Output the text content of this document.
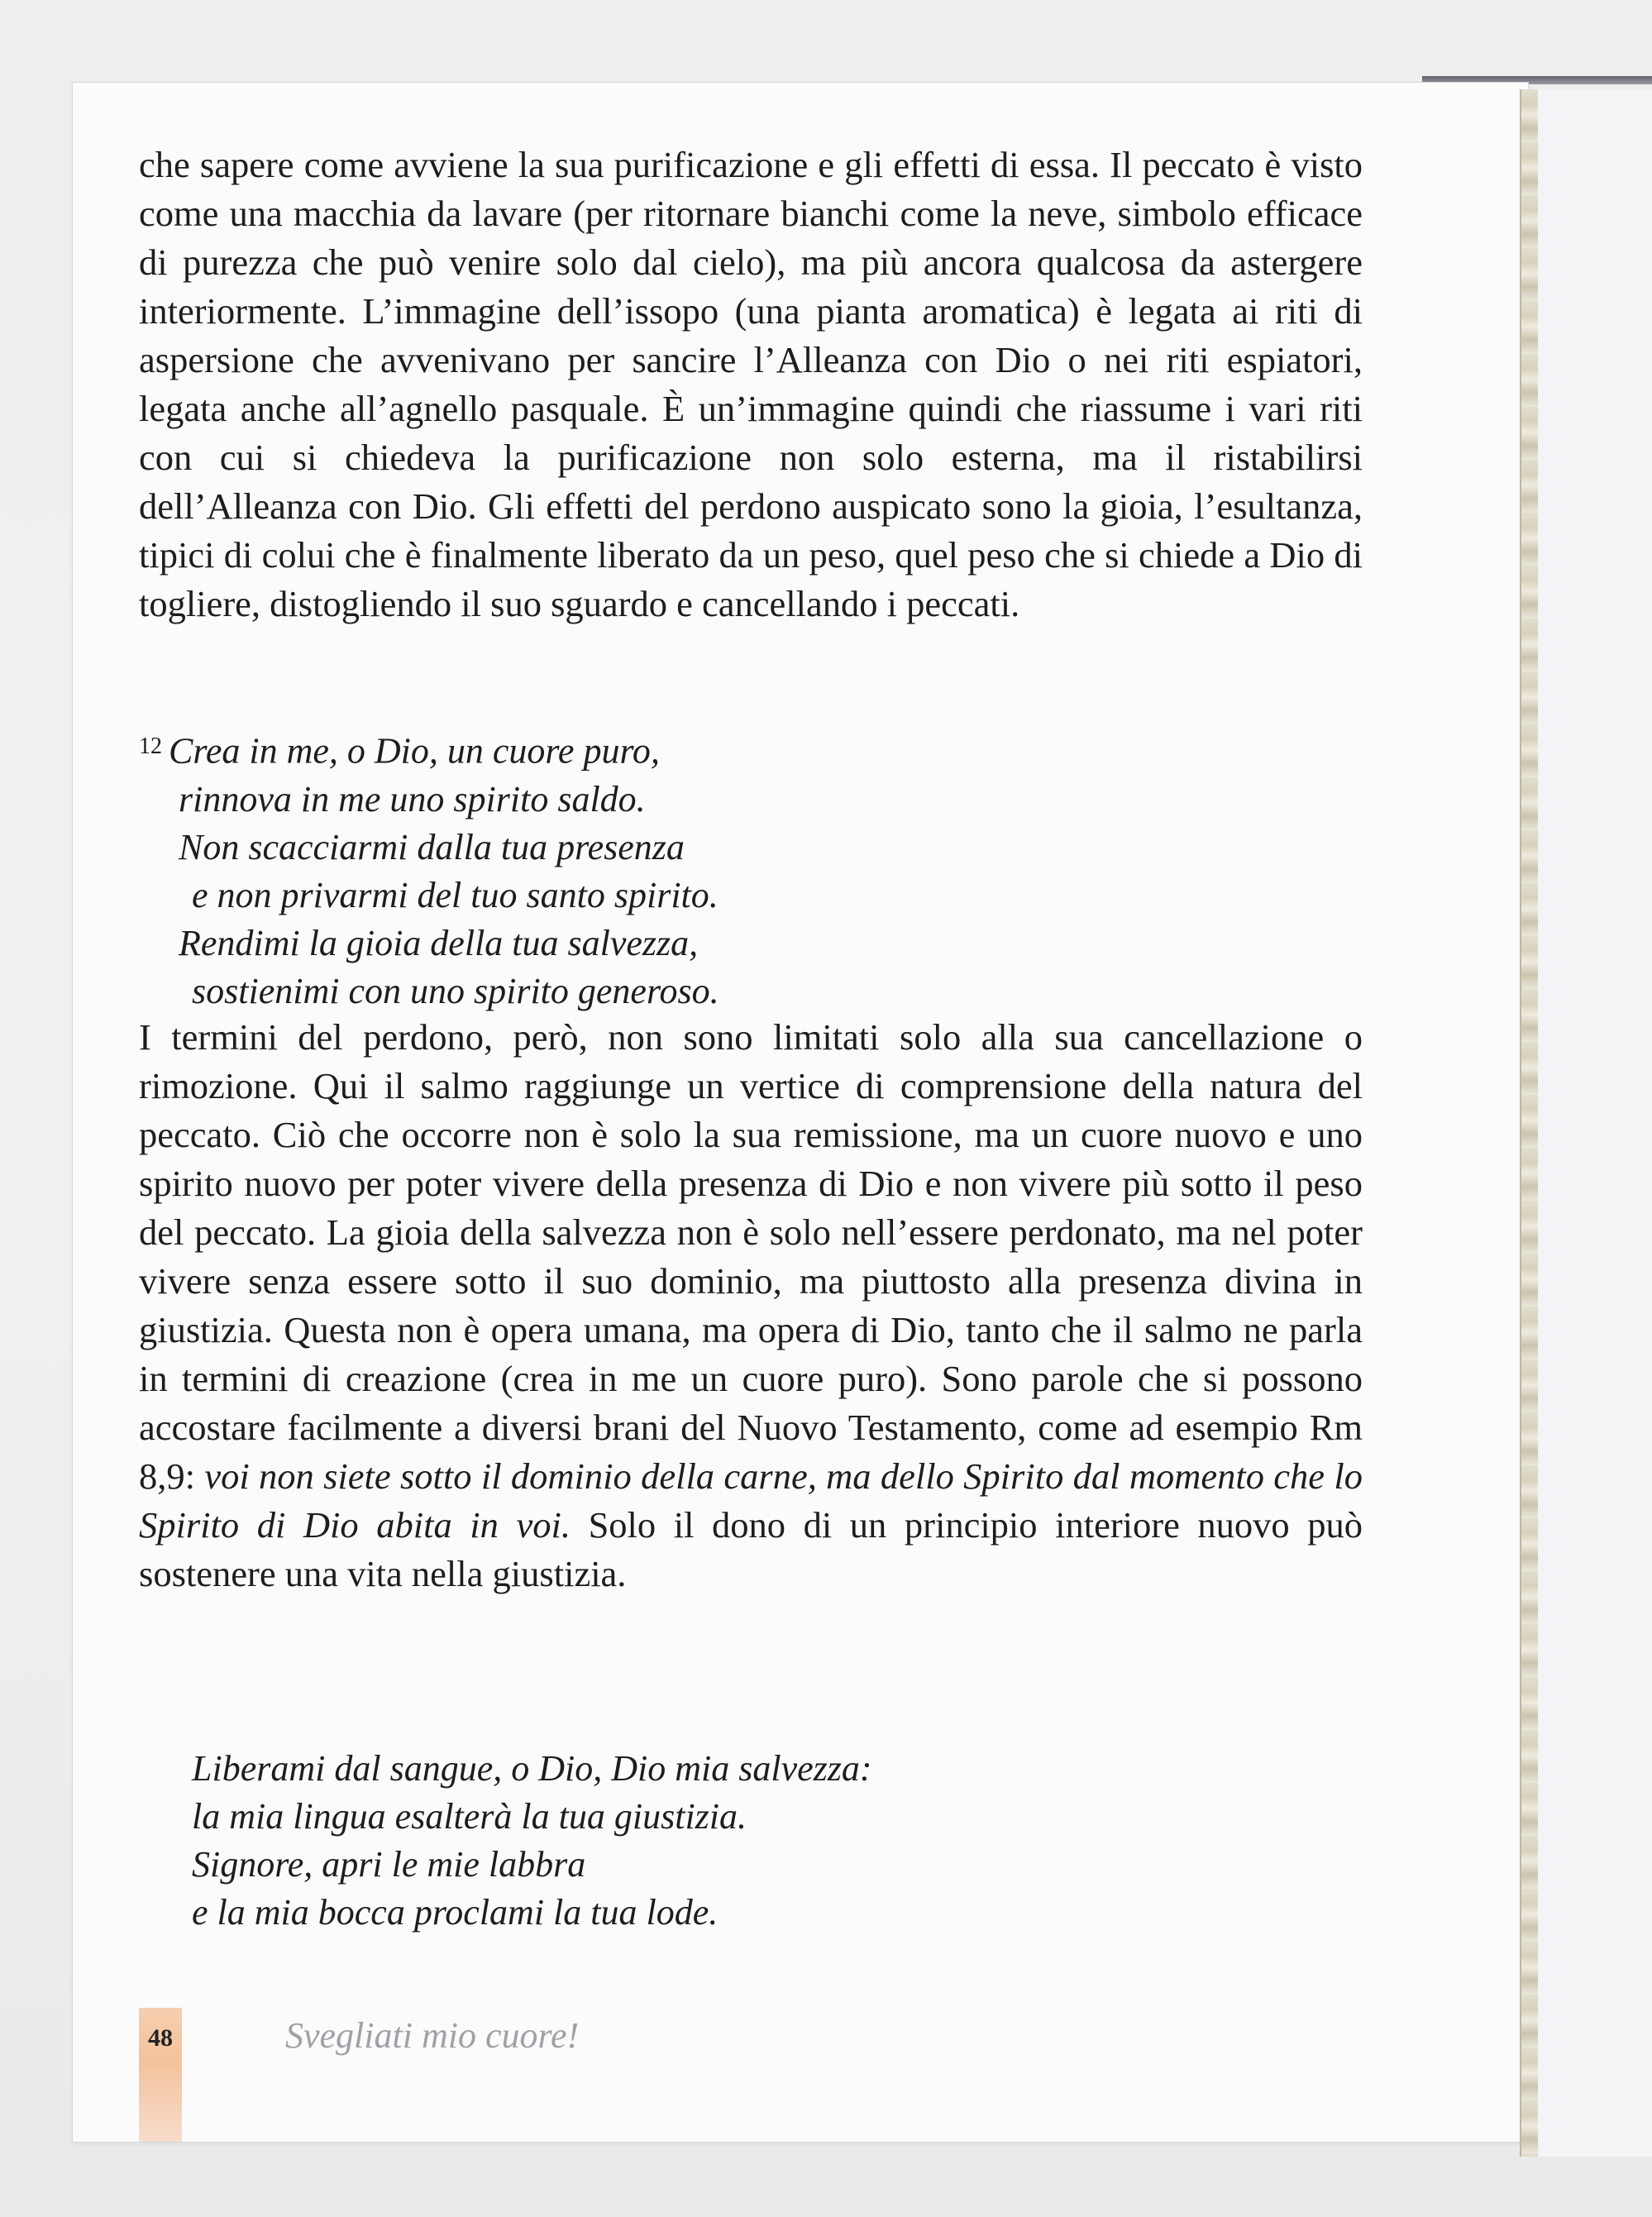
che sapere come avviene la sua purificazione e gli effetti di essa. Il peccato è visto come una macchia da lavare (per ritornare bianchi come la neve, simbolo efficace di purezza che può venire solo dal cielo), ma più ancora qualcosa da astergere interiormente. L’immagine dell’issopo (una pianta aromatica) è legata ai riti di aspersione che avvenivano per sancire l’Alleanza con Dio o nei riti espiatori, legata anche all’agnello pasquale. È un’immagine quindi che riassume i vari riti con cui si chiedeva la purificazione non solo esterna, ma il ristabilirsi dell’Alleanza con Dio. Gli effetti del perdono auspicato sono la gioia, l’esultanza, tipici di colui che è finalmente liberato da un peso, quel peso che si chiede a Dio di togliere, distogliendo il suo sguardo e cancellando i peccati.

$^{12}$ Crea in me, o Dio, un cuore puro,
rinnova in me uno spirito saldo.
Non scacciarmi dalla tua presenza
e non privarmi del tuo santo spirito.
Rendimi la gioia della tua salvezza,
sostienimi con uno spirito generoso.

I termini del perdono, però, non sono limitati solo alla sua cancellazione o rimozione. Qui il salmo raggiunge un vertice di comprensione della natura del peccato. Ciò che occorre non è solo la sua remissione, ma un cuore nuovo e uno spirito nuovo per poter vivere della presenza di Dio e non vivere più sotto il peso del peccato. La gioia della salvezza non è solo nell’essere perdonato, ma nel poter vivere senza essere sotto il suo dominio, ma piuttosto alla presenza divina in giustizia. Questa non è opera umana, ma opera di Dio, tanto che il salmo ne parla in termini di creazione (crea in me un cuore puro). Sono parole che si possono accostare facilmente a diversi brani del Nuovo Testamento, come ad esempio Rm 8,9: voi non siete sotto il dominio della carne, ma dello Spirito dal momento che lo Spirito di Dio abita in voi. Solo il dono di un principio interiore nuovo può sostenere una vita nella giustizia.

Liberami dal sangue, o Dio, Dio mia salvezza:
la mia lingua esalterà la tua giustizia.
Signore, apri le mie labbra
e la mia bocca proclami la tua lode.
48	Svegliati mio cuore!
